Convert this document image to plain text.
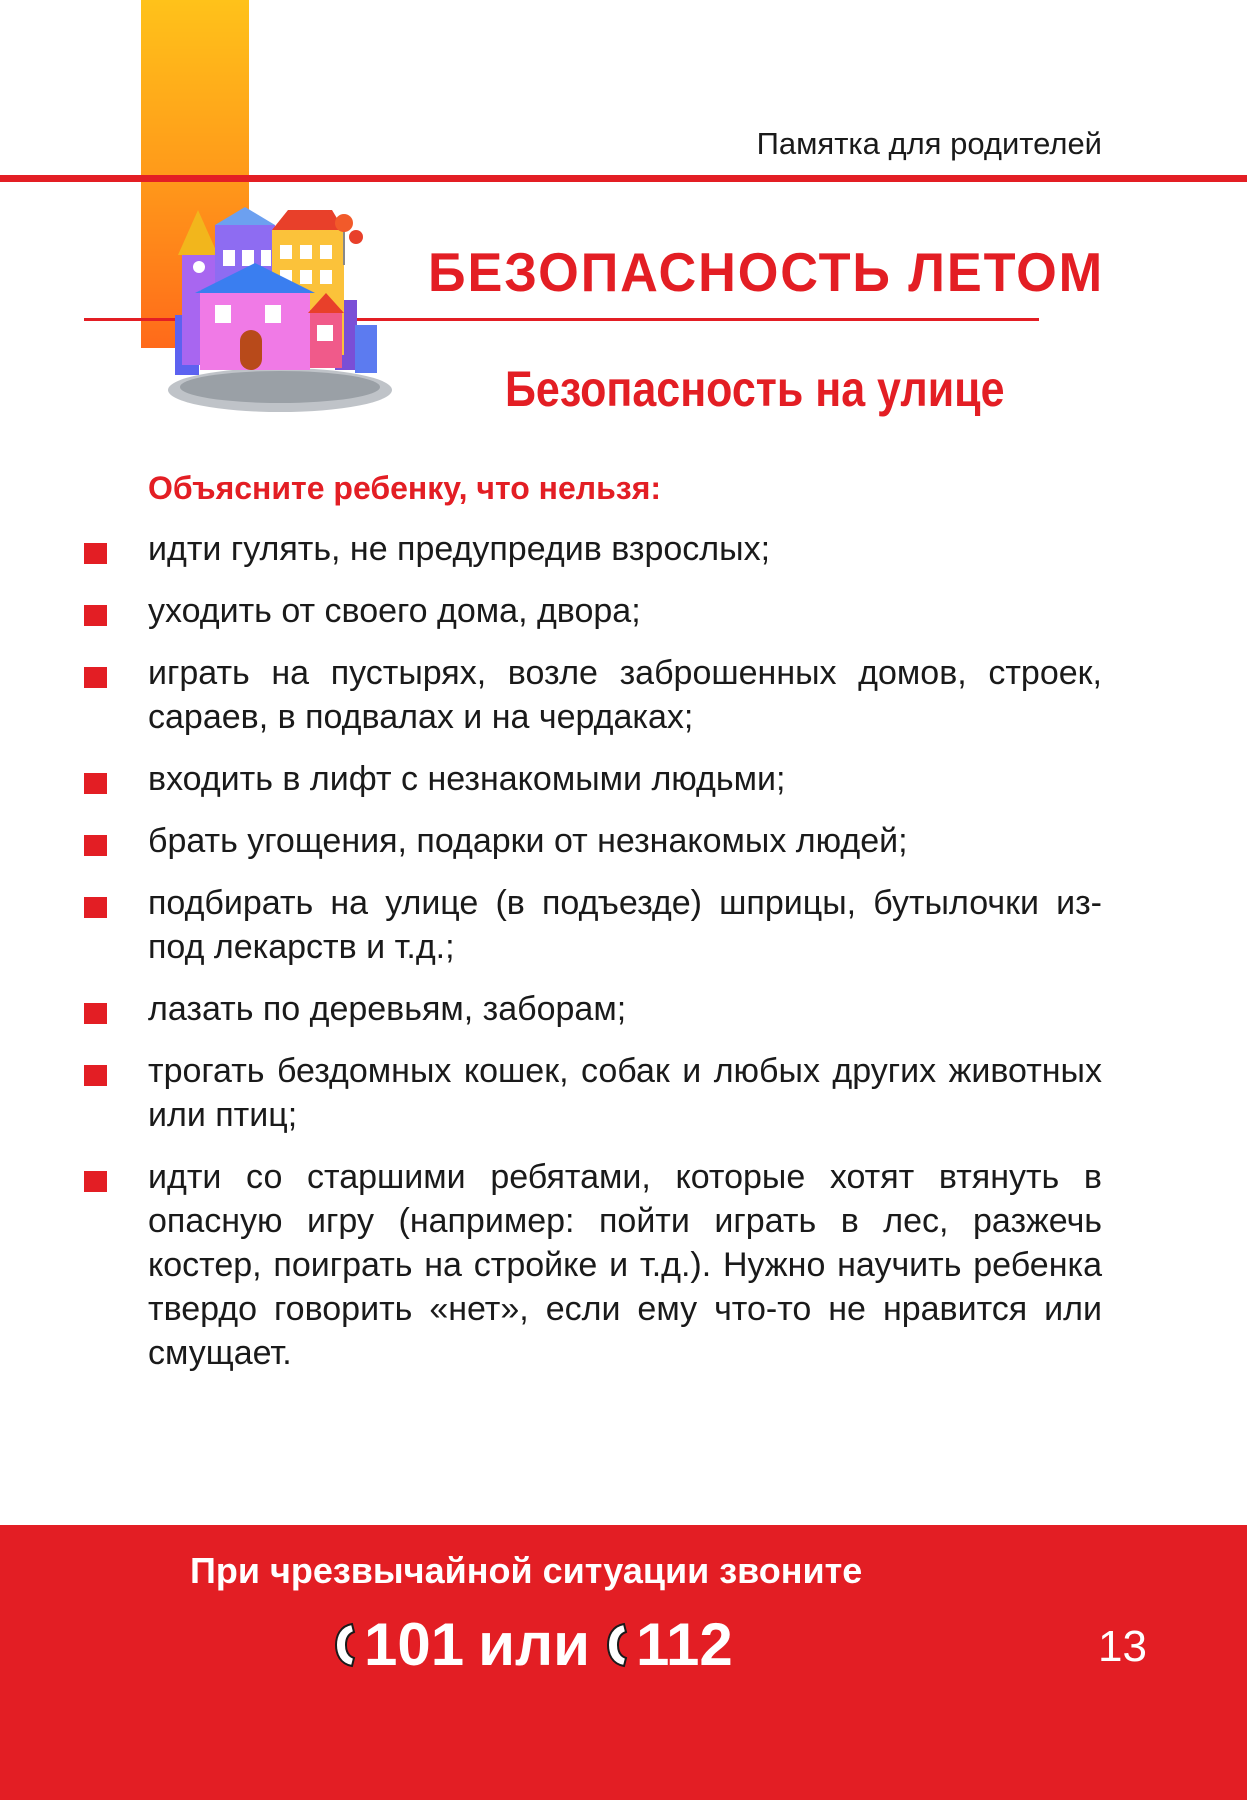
Памятка для родителей
БЕЗОПАСНОСТЬ ЛЕТОМ
Безопасность на улице
Объясните ребенку, что нельзя:
идти гулять, не предупредив взрослых;
уходить от своего дома, двора;
играть на пустырях, возле заброшенных домов, строек, сараев, в подвалах и на чердаках;
входить в лифт с незнакомыми людьми;
брать угощения, подарки от незнакомых людей;
подбирать на улице (в подъезде) шприцы, бутылочки из-под лекарств и т.д.;
лазать по деревьям, заборам;
трогать бездомных кошек, собак и любых других животных или птиц;
идти со старшими ребятами, которые хотят втянуть в опасную игру (например: пойти играть в лес, разжечь костер, поиграть на стройке и т.д.). Нужно научить ребенка твердо говорить «нет», если ему что-то не нравится или смущает.
При чрезвычайной ситуации звоните
101 или 112	13
